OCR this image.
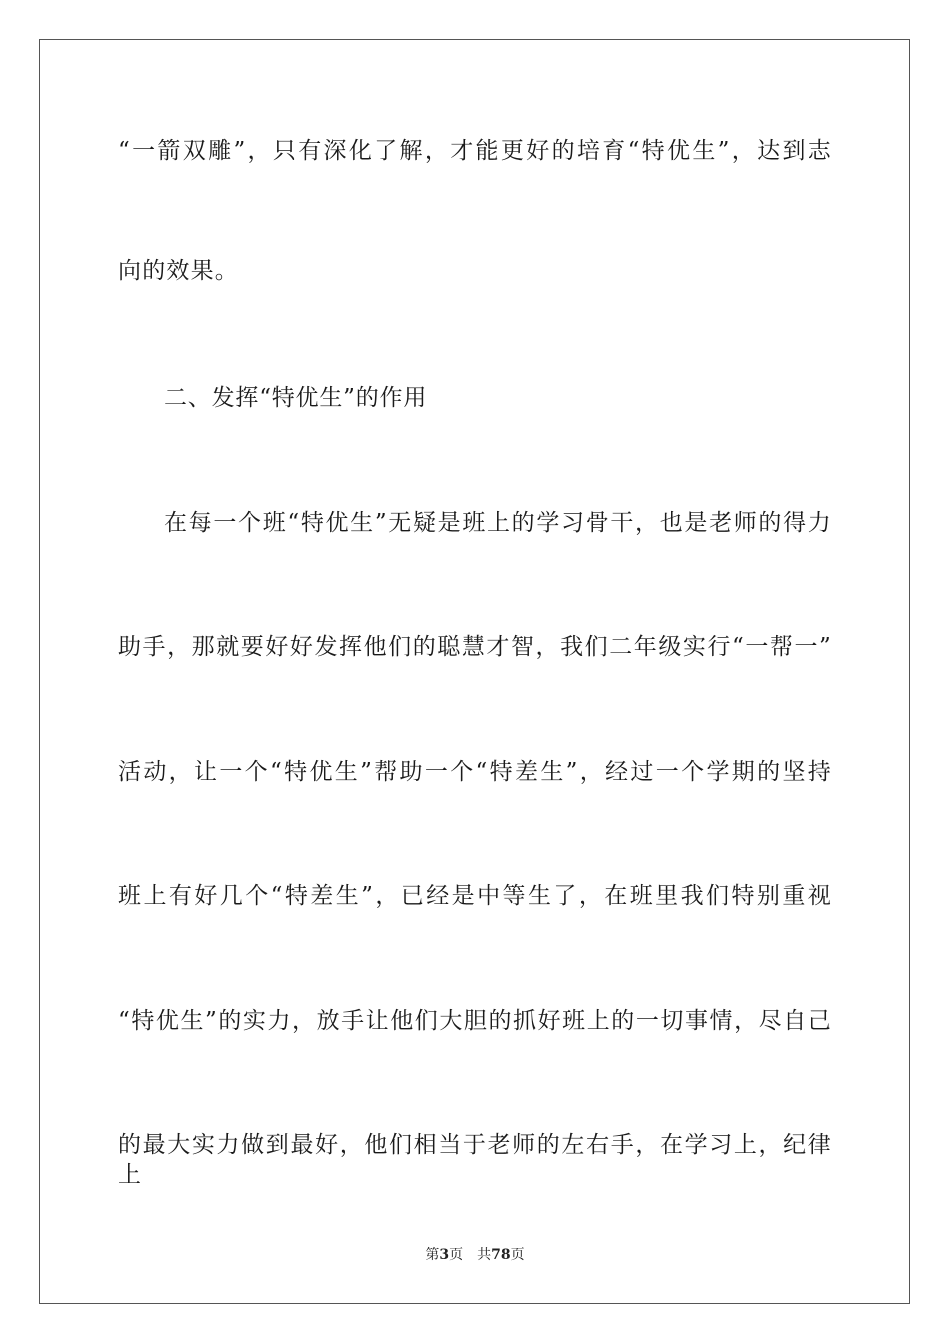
“一箭双雕”，只有深化了解，才能更好的培育“特优生”，达到志
向的效果。
二、发挥“特优生”的作用
在每一个班“特优生”无疑是班上的学习骨干，也是老师的得力
助手，那就要好好发挥他们的聪慧才智，我们二年级实行“一帮一”
活动，让一个“特优生”帮助一个“特差生”，经过一个学期的坚持
班上有好几个“特差生”，已经是中等生了，在班里我们特别重视
“特优生”的实力，放手让他们大胆的抓好班上的一切事情，尽自己
的最大实力做到最好，他们相当于老师的左右手，在学习上，纪律上
第3页 共78页
